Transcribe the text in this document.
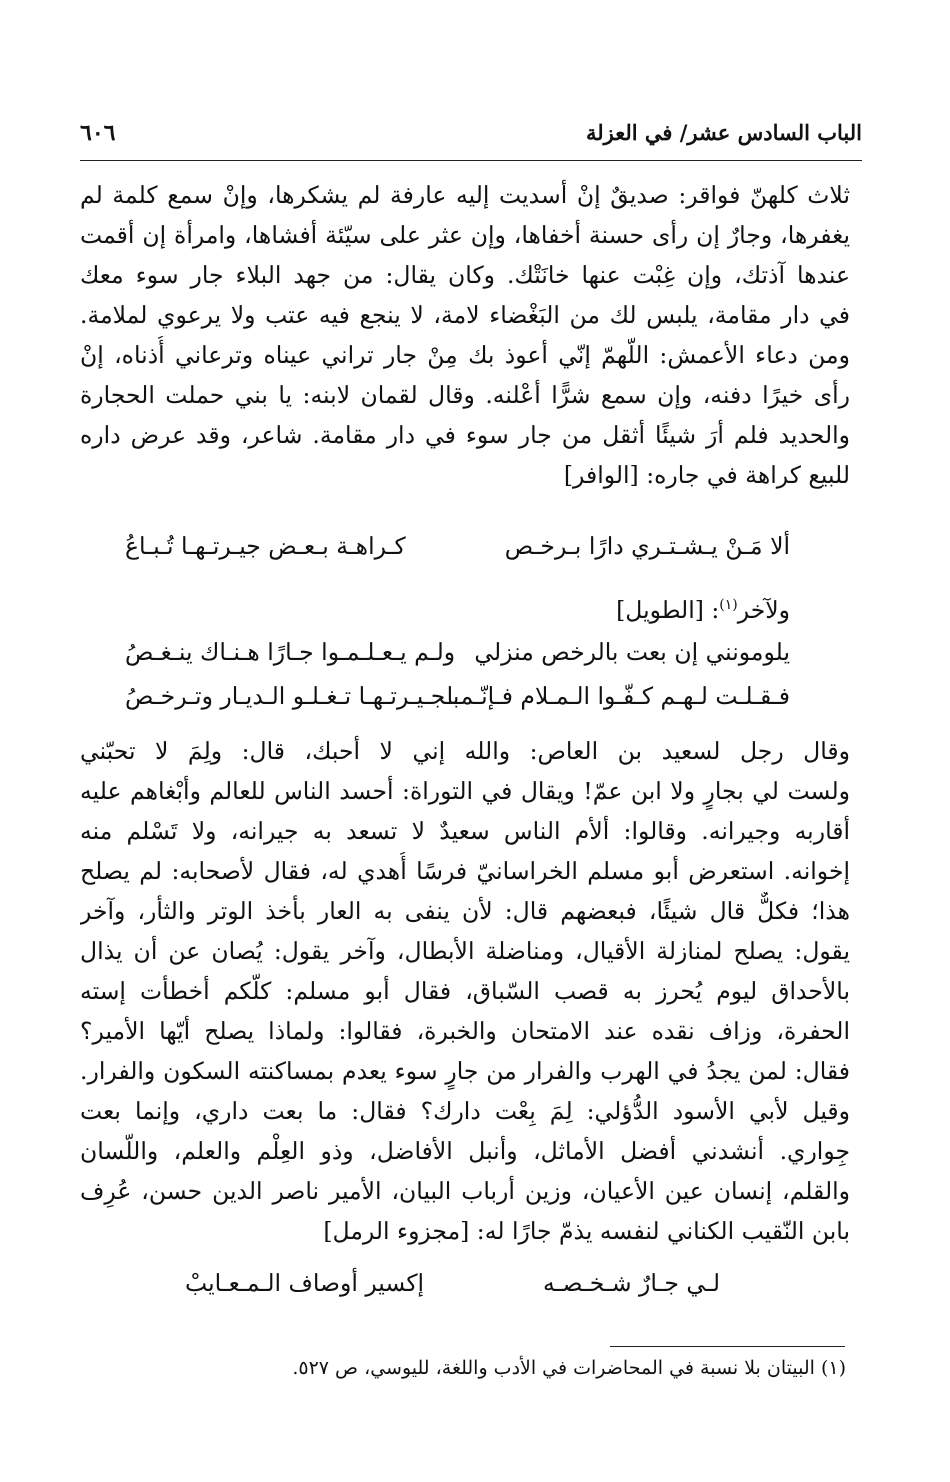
الباب السادس عشر/ في العزلة
٦٠٦
ثلاث كلهنّ فواقر: صديقٌ إنْ أسديت إليه عارفة لم يشكرها، وإنْ سمع كلمة لم
يغفرها، وجارٌ إن رأى حسنة أخفاها، وإن عثر على سيّئة أفشاها، وامرأة إن أقمت
عندها آذتك، وإن غِبْت عنها خانَتْك. وكان يقال: من جهد البلاء جار سوء معك
في دار مقامة، يلبس لك من البَغْضاء لامة، لا ينجع فيه عتب ولا يرعوي لملامة.
ومن دعاء الأعمش: اللّهمّ إنّي أعوذ بك مِنْ جار تراني عيناه وترعاني أُذناه، إنْ
رأى خيرًا دفنه، وإن سمع شرًّا أعْلنه. وقال لقمان لابنه: يا بني حملت الحجارة
والحديد فلم أرَ شيئًا أثقل من جار سوء في دار مقامة. شاعر، وقد عرض داره
للبيع كراهة في جاره: [الوافر]
ألا مَـنْ يـشـتـري دارًا بـرخـص
كـراهـة بـعـض جيـرتـهـا تُـبـاعُ
ولآخر$^{(١)}$: [الطويل]
يلومونني إن بعت بالرخص منزلي
ولـم يـعـلـمـوا جـارًا هـنـاك ينـغـصُ
فـقـلـت لـهـم كـفّـوا الـمـلام فـإنّـمـا
بـجـيـرتـهـا تـغـلـو الـديـار وتـرخـصُ
وقال رجل لسعيد بن العاص: والله إني لا أحبك، قال: ولِمَ لا تحبّني
ولست لي بجارٍ ولا ابن عمّ! ويقال في التوراة: أحسد الناس للعالم وأبْغاهم عليه
أقاربه وجيرانه. وقالوا: ألأم الناس سعيدٌ لا تسعد به جيرانه، ولا تَسْلم منه
إخوانه. استعرض أبو مسلم الخراسانيّ فرسًا أُهدي له، فقال لأصحابه: لم يصلح
هذا؛ فكلٌّ قال شيئًا، فبعضهم قال: لأن ينفى به العار بأخذ الوتر والثأر، وآخر
يقول: يصلح لمنازلة الأقيال، ومناضلة الأبطال، وآخر يقول: يُصان عن أن يذال
بالأحداق ليوم يُحرز به قصب السّباق، فقال أبو مسلم: كلّكم أخطأت إسته
الحفرة، وزاف نقده عند الامتحان والخبرة، فقالوا: ولماذا يصلح أيّها الأمير؟
فقال: لمن يجدُ في الهرب والفرار من جارٍ سوء يعدم بمساكنته السكون والفرار.
وقيل لأبي الأسود الدُّؤلي: لِمَ بِعْت دارك؟ فقال: ما بعت داري، وإنما بعت
جِواري. أنشدني أفضل الأماثل، وأنبل الأفاضل، وذو العِلْم والعلم، واللّسان
والقلم، إنسان عين الأعيان، وزين أرباب البيان، الأمير ناصر الدين حسن، عُرِف
بابن النّقيب الكناني لنفسه يذمّ جارًا له: [مجزوء الرمل]
لـي جـارٌ شـخـصـه
إكسير أوصاف الـمـعـايبْ
(١) البيتان بلا نسبة في المحاضرات في الأدب واللغة، لليوسي، ص ٥٢٧.
